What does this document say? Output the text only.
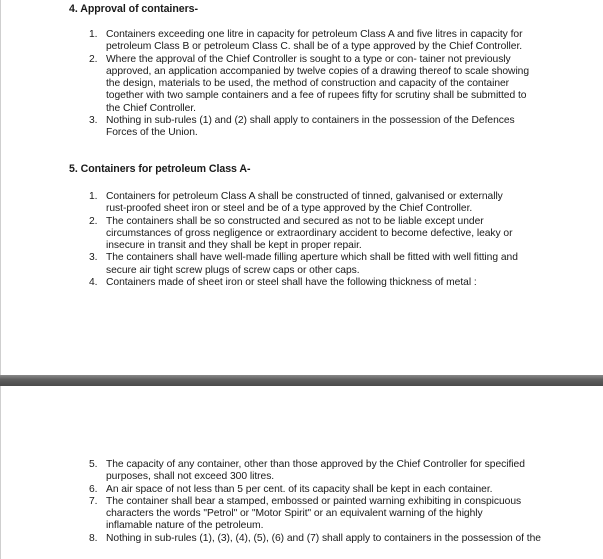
4. Approval of containers-
1. Containers exceeding one litre in capacity for petroleum Class A and five litres in capacity for petroleum Class B or petroleum Class C. shall be of a type approved by the Chief Controller.
2. Where the approval of the Chief Controller is sought to a type or con- tainer not previously approved, an application accompanied by twelve copies of a drawing thereof to scale showing the design, materials to be used, the method of construction and capacity of the container together with two sample containers and a fee of rupees fifty for scrutiny shall be submitted to the Chief Controller.
3. Nothing in sub-rules (1) and (2) shall apply to containers in the possession of the Defences Forces of the Union.
5. Containers for petroleum Class A-
1. Containers for petroleum Class A shall be constructed of tinned, galvanised or externally rust-proofed sheet iron or steel and be of a type approved by the Chief Controller.
2. The containers shall be so constructed and secured as not to be liable except under circumstances of gross negligence or extraordinary accident to become defective, leaky or insecure in transit and they shall be kept in proper repair.
3. The containers shall have well-made filling aperture which shall be fitted with well fitting and secure air tight screw plugs of screw caps or other caps.
4. Containers made of sheet iron or steel shall have the following thickness of metal :
5. The capacity of any container, other than those approved by the Chief Controller for specified purposes, shall not exceed 300 litres.
6. An air space of not less than 5 per cent. of its capacity shall be kept in each container.
7. The container shall bear a stamped, embossed or painted warning exhibiting in conspicuous characters the words "Petrol" or "Motor Spirit" or an equivalent warning of the highly inflamable nature of the petroleum.
8. Nothing in sub-rules (1), (3), (4), (5), (6) and (7) shall apply to containers in the possession of the
